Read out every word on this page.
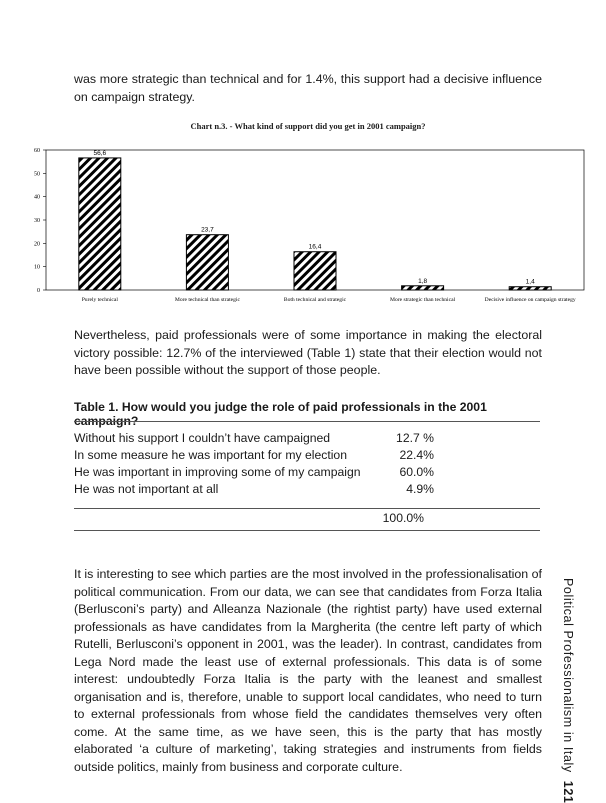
was more strategic than technical and for 1.4%, this support had a decisive influence on campaign strategy.

Chart n.3. - What kind of support did you get in 2001 campaign?
0
10
20
30
40
50
60	56,6
23,7
16,4
1,8	1,4
Purely technical	More technical than strategic	Both technical and strategic	More strategic than technical	Decisive influence on campaign strategy

Nevertheless, paid professionals were of some importance in making the electoral victory possible: 12.7% of the interviewed (Table 1) state that their election would not have been possible without the support of those people.

Table 1. How would you judge the role of paid professionals in the 2001 campaign?

Without his support I couldn’t have campaigned	12.7 %
In some measure he was important for my election	22.4%
He was important in improving some of my campaign	60.0%
He was not important at all	4.9%
100.0%

It is interesting to see which parties are the most involved in the professionalisation of political communication. From our data, we can see that candidates from Forza Italia (Berlusconi’s party) and Alleanza Nazionale (the rightist party) have used external professionals as have candidates from la Margherita (the centre left party of which Rutelli, Berlusconi’s opponent in 2001, was the leader). In contrast, candidates from Lega Nord made the least use of external professionals. This data is of some interest: undoubtedly Forza Italia is the party with the leanest and smallest organisation and is, therefore, unable to support local candidates, who need to turn to external professionals from whose field the candidates themselves very often come. At the same time, as we have seen, this is the party that has mostly elaborated ‘a culture of marketing’, taking strategies and instruments from fields outside politics, mainly from business and corporate culture.	Political Professionalism in Italy121
